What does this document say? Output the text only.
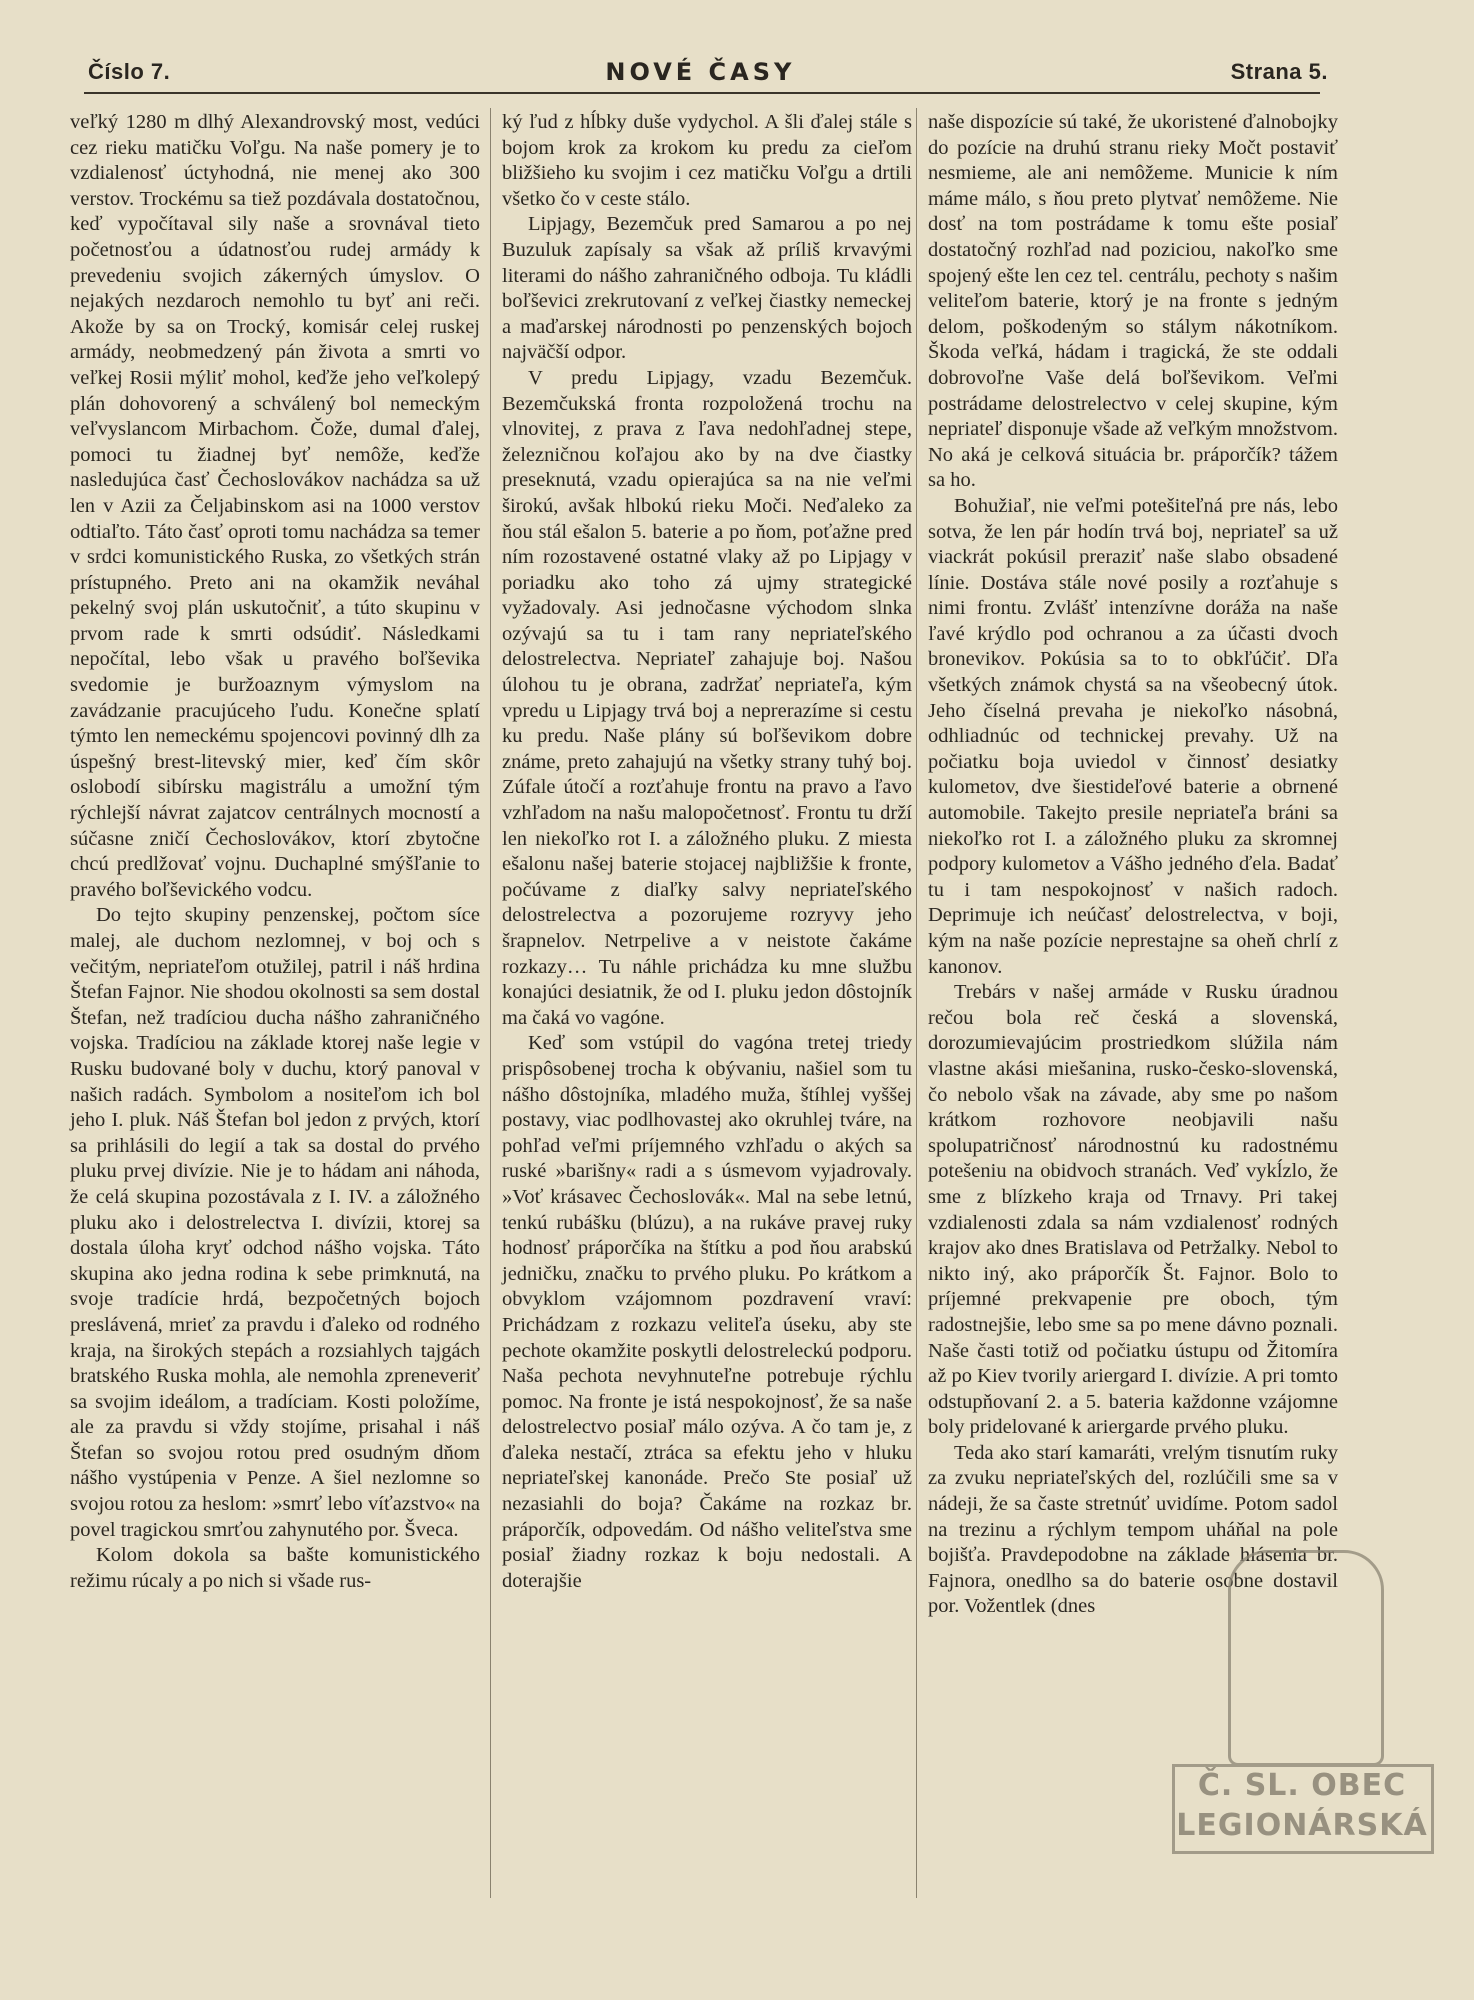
Číslo 7.	NOVÉ ČASY	Strana 5.

veľký 1280 m dlhý Alexandrovský most, vedúci cez rieku matičku Voľgu. Na naše pomery je to vzdialenosť úctyhodná, nie menej ako 300 verstov. Trockému sa tiež pozdávala dostatočnou, keď vypočítaval sily naše a srovnával tieto početnosťou a údatnosťou rudej armády k prevedeniu svojich zákerných úmyslov. O nejakých nezdaroch nemohlo tu byť ani reči. Akože by sa on Trocký, komisár celej ruskej armády, neobmedzený pán života a smrti vo veľkej Rosii mýliť mohol, keďže jeho veľkolepý plán dohovorený a schválený bol nemeckým veľvyslancom Mirbachom. Čože, dumal ďalej, pomoci tu žiadnej byť nemôže, keďže nasledujúca časť Čechoslovákov nachádza sa už len v Azii za Čeljabinskom asi na 1000 verstov odtiaľto. Táto časť oproti tomu nachádza sa temer v srdci komunistického Ruska, zo všetkých strán prístupného. Preto ani na okamžik neváhal pekelný svoj plán uskutočniť, a túto skupinu v prvom rade k smrti odsúdiť. Následkami nepočítal, lebo však u pravého boľševika svedomie je buržoaznym výmyslom na zavádzanie pracujúceho ľudu. Konečne splatí týmto len nemeckému spojencovi povinný dlh za úspešný brest-litevský mier, keď čím skôr oslobodí sibírsku magistrálu a umožní tým rýchlejší návrat zajatcov centrálnych mocností a súčasne zničí Čechoslovákov, ktorí zbytočne chcú predlžovať vojnu. Duchaplné smýšľanie to pravého boľševického vodcu.

Do tejto skupiny penzenskej, počtom síce malej, ale duchom nezlomnej, v boj och s večitým, nepriateľom otužilej, patril i náš hrdina Štefan Fajnor. Nie shodou okolnosti sa sem dostal Štefan, než tradíciou ducha nášho zahraničného vojska. Tradíciou na základe ktorej naše legie v Rusku budované boly v duchu, ktorý panoval v našich radách. Symbolom a nositeľom ich bol jeho I. pluk. Náš Štefan bol jedon z prvých, ktorí sa prihlásili do legií a tak sa dostal do prvého pluku prvej divízie. Nie je to hádam ani náhoda, že celá skupina pozostávala z I. IV. a záložného pluku ako i delostrelectva I. divízii, ktorej sa dostala úloha kryť odchod nášho vojska. Táto skupina ako jedna rodina k sebe primknutá, na svoje tradície hrdá, bezpočetných bojoch preslávená, mrieť za pravdu i ďaleko od rodného kraja, na širokých stepách a rozsiahlych tajgách bratského Ruska mohla, ale nemohla zpreneveriť sa svojim ideálom, a tradíciam. Kosti položíme, ale za pravdu si vždy stojíme, prisahal i náš Štefan so svojou rotou pred osudným dňom nášho vystúpenia v Penze. A šiel nezlomne so svojou rotou za heslom: »smrť lebo víťazstvo« na povel tragickou smrťou zahynutého por. Šveca.

Kolom dokola sa bašte komunistického režimu rúcaly a po nich si všade rus-

ký ľud z hĺbky duše vydychol. A šli ďalej stále s bojom krok za krokom ku predu za cieľom bližšieho ku svojim i cez matičku Voľgu a drtili všetko čo v ceste stálo.

Lipjagy, Bezemčuk pred Samarou a po nej Buzuluk zapísaly sa však až príliš krvavými literami do nášho zahraničného odboja. Tu kládli boľševici zrekrutovaní z veľkej čiastky nemeckej a maďarskej národnosti po penzenských bojoch najväčší odpor.

V predu Lipjagy, vzadu Bezemčuk. Bezemčukská fronta rozpoložená trochu na vlnovitej, z prava z ľava nedohľadnej stepe, železničnou koľajou ako by na dve čiastky preseknutá, vzadu opierajúca sa na nie veľmi širokú, avšak hlbokú rieku Moči. Neďaleko za ňou stál ešalon 5. baterie a po ňom, poťažne pred ním rozostavené ostatné vlaky až po Lipjagy v poriadku ako toho zá ujmy strategické vyžadovaly. Asi jednočasne východom slnka ozývajú sa tu i tam rany nepriateľského delostrelectva. Nepriateľ zahajuje boj. Našou úlohou tu je obrana, zadržať nepriateľa, kým vpredu u Lipjagy trvá boj a neprerazíme si cestu ku predu. Naše plány sú boľševikom dobre známe, preto zahajujú na všetky strany tuhý boj. Zúfale útočí a rozťahuje frontu na pravo a ľavo vzhľadom na našu malopočetnosť. Frontu tu drží len niekoľko rot I. a záložného pluku. Z miesta ešalonu našej baterie stojacej najbližšie k fronte, počúvame z diaľky salvy nepriateľského delostrelectva a pozorujeme rozryvy jeho šrapnelov. Netrpelive a v neistote čakáme rozkazy… Tu náhle prichádza ku mne službu konajúci desiatnik, že od I. pluku jedon dôstojník ma čaká vo vagóne.

Keď som vstúpil do vagóna tretej triedy prispôsobenej trocha k obývaniu, našiel som tu nášho dôstojníka, mladého muža, štíhlej vyššej postavy, viac podlhovastej ako okruhlej tváre, na pohľad veľmi príjemného vzhľadu o akých sa ruské »barišny« radi a s úsmevom vyjadrovaly. »Voť krásavec Čechoslovák«. Mal na sebe letnú, tenkú rubášku (blúzu), a na rukáve pravej ruky hodnosť práporčíka na štítku a pod ňou arabskú jedničku, značku to prvého pluku. Po krátkom a obvyklom vzájomnom pozdravení vraví: Prichádzam z rozkazu veliteľa úseku, aby ste pechote okamžite poskytli delostreleckú podporu. Naša pechota nevyhnuteľne potrebuje rýchlu pomoc. Na fronte je istá nespokojnosť, že sa naše delostrelectvo posiaľ málo ozýva. A čo tam je, z ďaleka nestačí, ztráca sa efektu jeho v hluku nepriateľskej kanonáde. Prečo Ste posiaľ už nezasiahli do boja? Čakáme na rozkaz br. práporčík, odpovedám. Od nášho veliteľstva sme posiaľ žiadny rozkaz k boju nedostali. A doterajšie

naše dispozície sú také, že ukoristené ďalnobojky do pozície na druhú stranu rieky Močt postaviť nesmieme, ale ani nemôžeme. Municie k ním máme málo, s ňou preto plytvať nemôžeme. Nie dosť na tom postrádame k tomu ešte posiaľ dostatočný rozhľad nad poziciou, nakoľko sme spojený ešte len cez tel. centrálu, pechoty s našim veliteľom baterie, ktorý je na fronte s jedným delom, poškodeným so stálym nákotníkom. Škoda veľká, hádam i tragická, že ste oddali dobrovoľne Vaše delá boľševikom. Veľmi postrádame delostrelectvo v celej skupine, kým nepriateľ disponuje všade až veľkým množstvom. No aká je celková situácia br. práporčík? tážem sa ho.

Bohužiaľ, nie veľmi potešiteľná pre nás, lebo sotva, že len pár hodín trvá boj, nepriateľ sa už viackrát pokúsil preraziť naše slabo obsadené línie. Dostáva stále nové posily a rozťahuje s nimi frontu. Zvlášť intenzívne doráža na naše ľavé krýdlo pod ochranou a za účasti dvoch bronevikov. Pokúsia sa to to obkľúčiť. Dľa všetkých známok chystá sa na všeobecný útok. Jeho číselná prevaha je niekoľko násobná, odhliadnúc od technickej prevahy. Už na počiatku boja uviedol v činnosť desiatky kulometov, dve šiestideľové baterie a obrnené automobile. Takejto presile nepriateľa bráni sa niekoľko rot I. a záložného pluku za skromnej podpory kulometov a Vášho jedného ďela. Badať tu i tam nespokojnosť v našich radoch. Deprimuje ich neúčasť delostrelectva, v boji, kým na naše pozície neprestajne sa oheň chrlí z kanonov.

Trebárs v našej armáde v Rusku úradnou rečou bola reč česká a slovenská, dorozumievajúcim prostriedkom slúžila nám vlastne akási miešanina, rusko-česko-slovenská, čo nebolo však na závade, aby sme po našom krátkom rozhovore neobjavili našu spolupatričnosť národnostnú ku radostnému potešeniu na obidvoch stranách. Veď vykĺzlo, že sme z blízkeho kraja od Trnavy. Pri takej vzdialenosti zdala sa nám vzdialenosť rodných krajov ako dnes Bratislava od Petržalky. Nebol to nikto iný, ako práporčík Št. Fajnor. Bolo to príjemné prekvapenie pre oboch, tým radostnejšie, lebo sme sa po mene dávno poznali. Naše časti totiž od počiatku ústupu od Žitomíra až po Kiev tvorily ariergard I. divízie. A pri tomto odstupňovaní 2. a 5. bateria každonne vzájomne boly pridelované k ariergarde prvého pluku.

Teda ako starí kamaráti, vrelým tisnutím ruky za zvuku nepriateľských del, rozlúčili sme sa v nádeji, že sa časte stretnúť uvidíme. Potom sadol na trezinu a rýchlym tempom uháňal na pole bojišťa. Pravdepodobne na základe hlásenia br. Fajnora, onedlho sa do baterie osobne dostavil por. Vožentlek (dnes

Č. SL. OBEC
LEGIONÁRSKÁ
